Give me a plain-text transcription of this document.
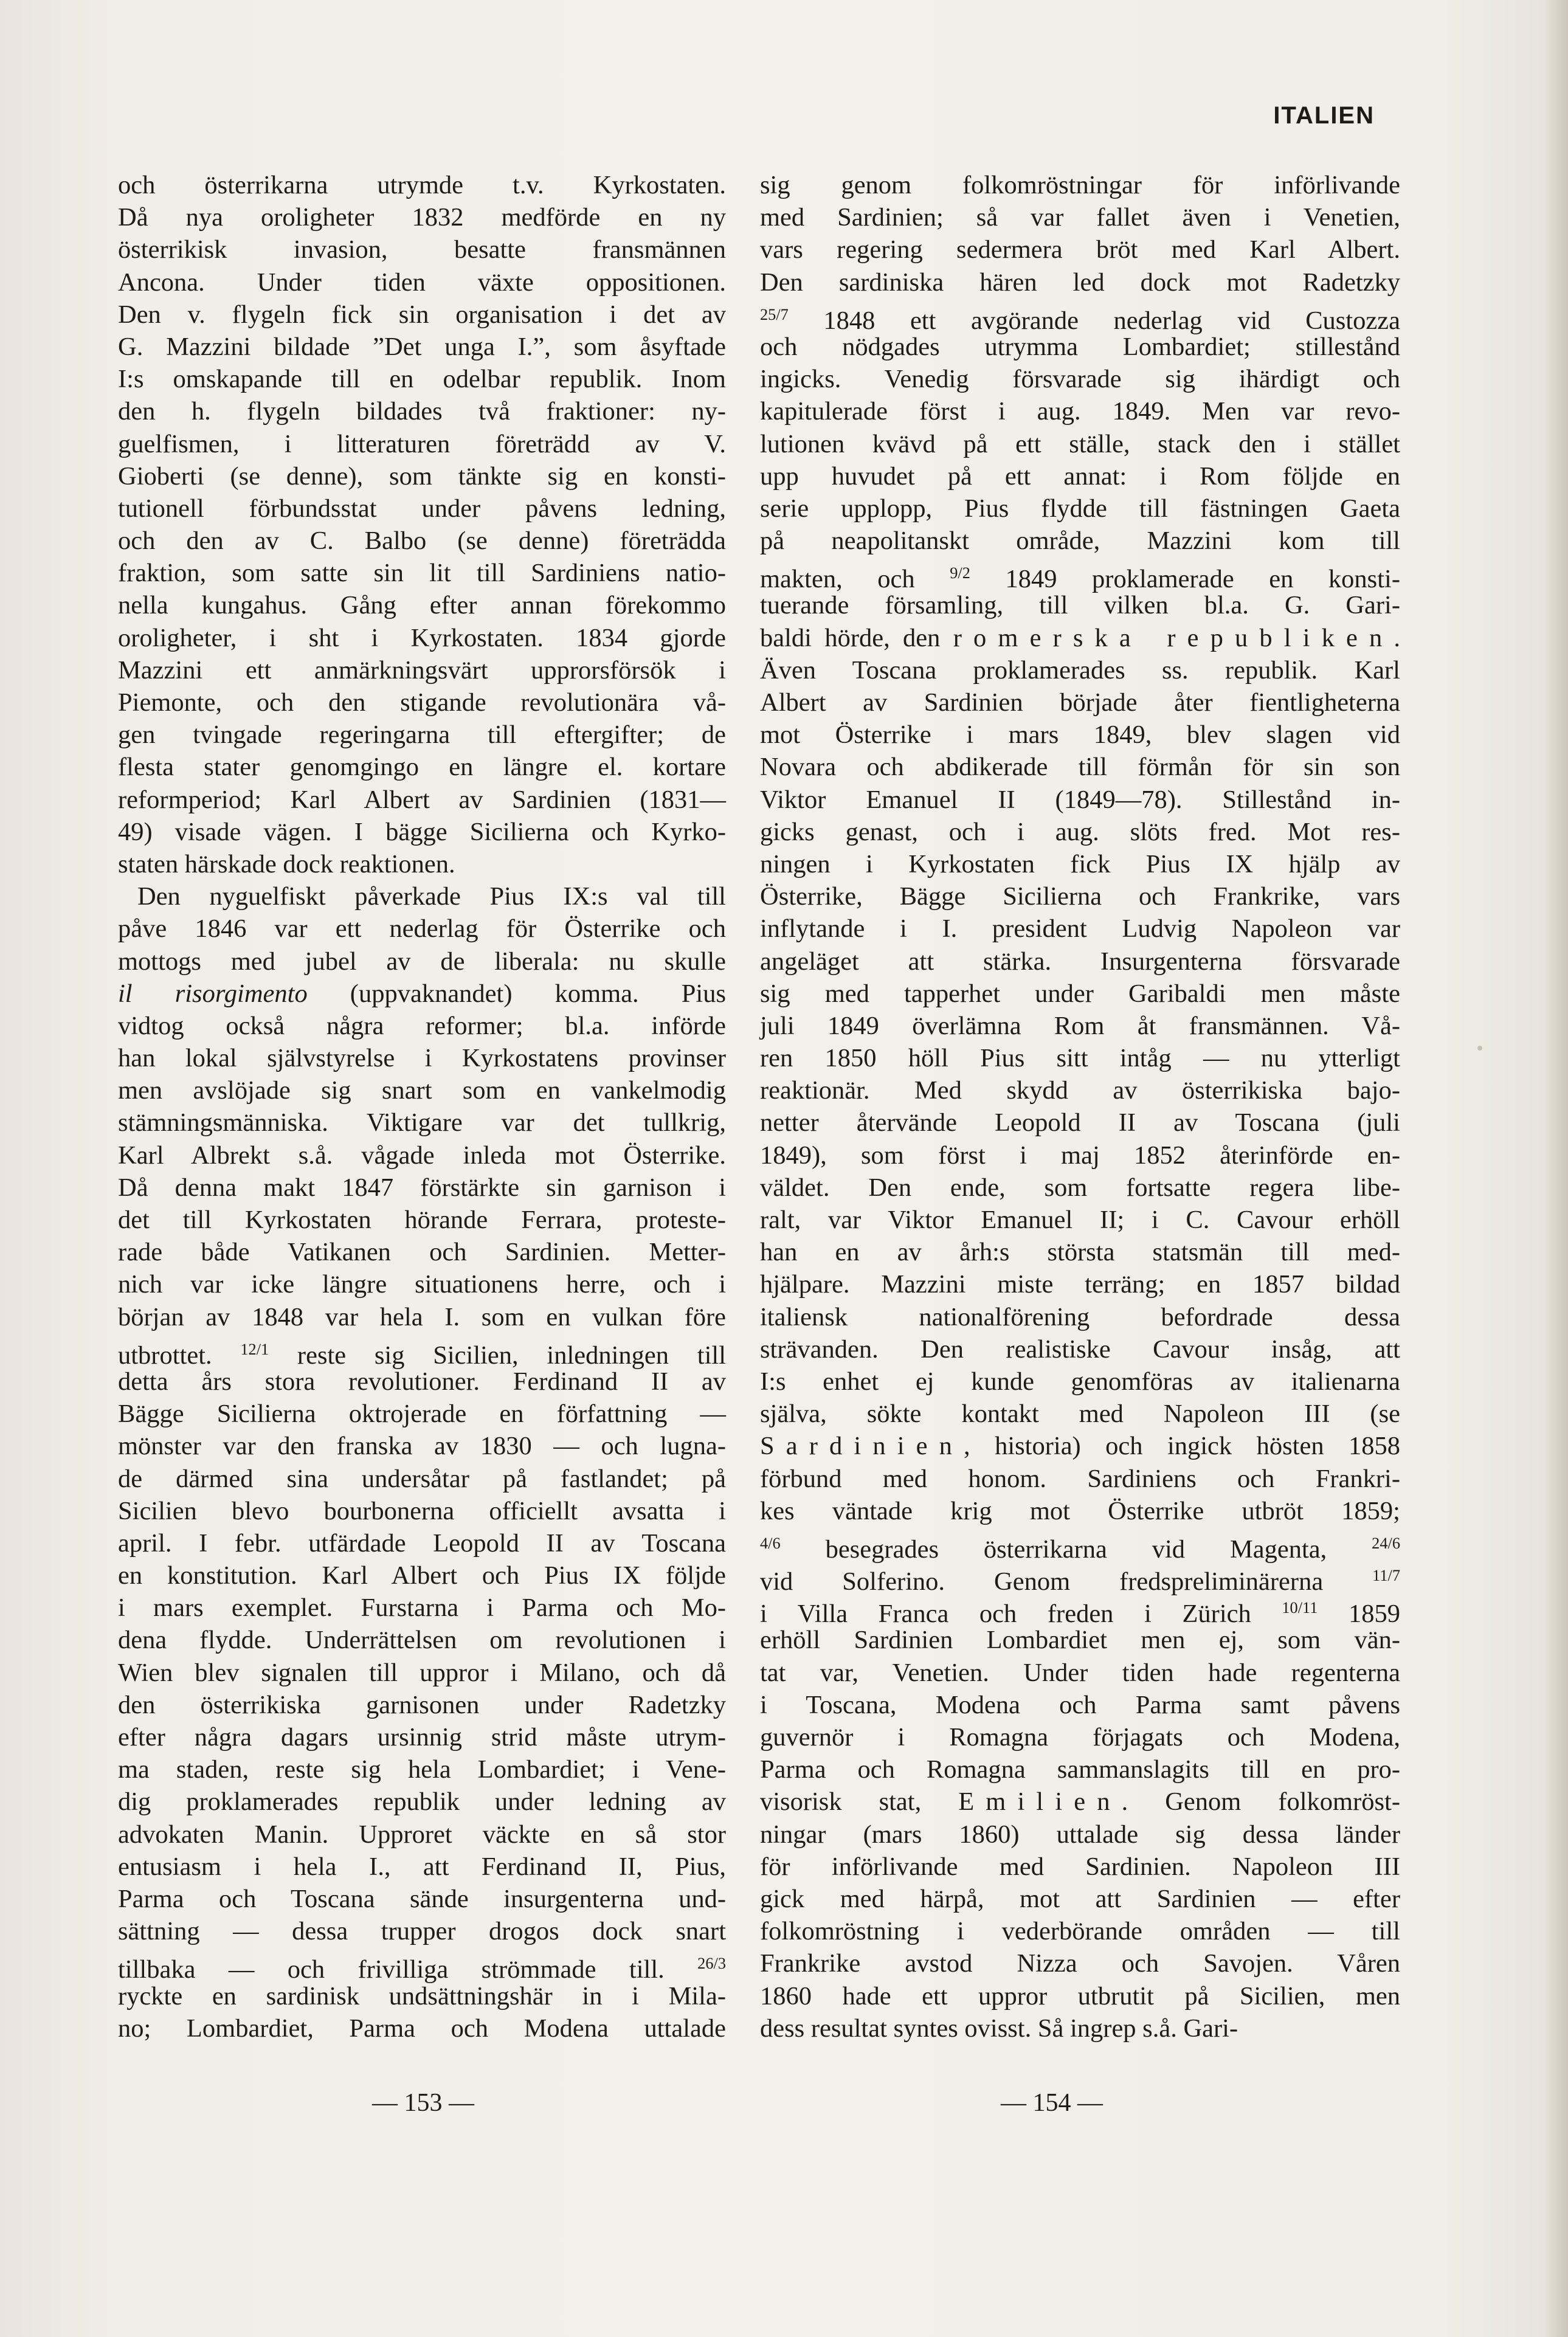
ITALIEN
och österrikarna utrymde t.v. Kyrkostaten.
Då nya oroligheter 1832 medförde en ny
österrikisk invasion, besatte fransmännen
Ancona. Under tiden växte oppositionen.
Den v. flygeln fick sin organisation i det av
G. Mazzini bildade ”Det unga I.”, som åsyftade
I:s omskapande till en odelbar republik. Inom
den h. flygeln bildades två fraktioner: ny-
guelfismen, i litteraturen företrädd av V.
Gioberti (se denne), som tänkte sig en konsti-
tutionell förbundsstat under påvens ledning,
och den av C. Balbo (se denne) företrädda
fraktion, som satte sin lit till Sardiniens natio-
nella kungahus. Gång efter annan förekommo
oroligheter, i sht i Kyrkostaten. 1834 gjorde
Mazzini ett anmärkningsvärt upprorsförsök i
Piemonte, och den stigande revolutionära vå-
gen tvingade regeringarna till eftergifter; de
flesta stater genomgingo en längre el. kortare
reformperiod; Karl Albert av Sardinien (1831—
49) visade vägen. I bägge Sicilierna och Kyrko-
staten härskade dock reaktionen.
Den nyguelfiskt påverkade Pius IX:s val till
påve 1846 var ett nederlag för Österrike och
mottogs med jubel av de liberala: nu skulle
il risorgimento (uppvaknandet) komma. Pius
vidtog också några reformer; bl.a. införde
han lokal självstyrelse i Kyrkostatens provinser
men avslöjade sig snart som en vankelmodig
stämningsmänniska. Viktigare var det tullkrig,
Karl Albrekt s.å. vågade inleda mot Österrike.
Då denna makt 1847 förstärkte sin garnison i
det till Kyrkostaten hörande Ferrara, proteste-
rade både Vatikanen och Sardinien. Metter-
nich var icke längre situationens herre, och i
början av 1848 var hela I. som en vulkan före
utbrottet. $^{12/1}$ reste sig Sicilien, inledningen till
detta års stora revolutioner. Ferdinand II av
Bägge Sicilierna oktrojerade en författning —
mönster var den franska av 1830 — och lugna-
de därmed sina undersåtar på fastlandet; på
Sicilien blevo bourbonerna officiellt avsatta i
april. I febr. utfärdade Leopold II av Toscana
en konstitution. Karl Albert och Pius IX följde
i mars exemplet. Furstarna i Parma och Mo-
dena flydde. Underrättelsen om revolutionen i
Wien blev signalen till uppror i Milano, och då
den österrikiska garnisonen under Radetzky
efter några dagars ursinnig strid måste utrym-
ma staden, reste sig hela Lombardiet; i Vene-
dig proklamerades republik under ledning av
advokaten Manin. Upproret väckte en så stor
entusiasm i hela I., att Ferdinand II, Pius,
Parma och Toscana sände insurgenterna und-
sättning — dessa trupper drogos dock snart
tillbaka — och frivilliga strömmade till. $^{26/3}$
ryckte en sardinisk undsättningshär in i Mila-
no; Lombardiet, Parma och Modena uttalade
sig genom folkomröstningar för införlivande
med Sardinien; så var fallet även i Venetien,
vars regering sedermera bröt med Karl Albert.
Den sardiniska hären led dock mot Radetzky
$^{25/7}$ 1848 ett avgörande nederlag vid Custozza
och nödgades utrymma Lombardiet; stillestånd
ingicks. Venedig försvarade sig ihärdigt och
kapitulerade först i aug. 1849. Men var revo-
lutionen kvävd på ett ställe, stack den i stället
upp huvudet på ett annat: i Rom följde en
serie upplopp, Pius flydde till fästningen Gaeta
på neapolitanskt område, Mazzini kom till
makten, och $^{9/2}$ 1849 proklamerade en konsti-
tuerande församling, till vilken bl.a. G. Gari-
baldi hörde, den romerska republiken.
Även Toscana proklamerades ss. republik. Karl
Albert av Sardinien började åter fientligheterna
mot Österrike i mars 1849, blev slagen vid
Novara och abdikerade till förmån för sin son
Viktor Emanuel II (1849—78). Stillestånd in-
gicks genast, och i aug. slöts fred. Mot res-
ningen i Kyrkostaten fick Pius IX hjälp av
Österrike, Bägge Sicilierna och Frankrike, vars
inflytande i I. president Ludvig Napoleon var
angeläget att stärka. Insurgenterna försvarade
sig med tapperhet under Garibaldi men måste
juli 1849 överlämna Rom åt fransmännen. Vå-
ren 1850 höll Pius sitt intåg — nu ytterligt
reaktionär. Med skydd av österrikiska bajo-
netter återvände Leopold II av Toscana (juli
1849), som först i maj 1852 återinförde en-
väldet. Den ende, som fortsatte regera libe-
ralt, var Viktor Emanuel II; i C. Cavour erhöll
han en av årh:s största statsmän till med-
hjälpare. Mazzini miste terräng; en 1857 bildad
italiensk nationalförening befordrade dessa
strävanden. Den realistiske Cavour insåg, att
I:s enhet ej kunde genomföras av italienarna
själva, sökte kontakt med Napoleon III (se
Sardinien, historia) och ingick hösten 1858
förbund med honom. Sardiniens och Frankri-
kes väntade krig mot Österrike utbröt 1859;
$^{4/6}$ besegrades österrikarna vid Magenta, $^{24/6}$
vid Solferino. Genom fredspreliminärerna $^{11/7}$
i Villa Franca och freden i Zürich $^{10/11}$ 1859
erhöll Sardinien Lombardiet men ej, som vän-
tat var, Venetien. Under tiden hade regenterna
i Toscana, Modena och Parma samt påvens
guvernör i Romagna förjagats och Modena,
Parma och Romagna sammanslagits till en pro-
visorisk stat, Emilien. Genom folkomröst-
ningar (mars 1860) uttalade sig dessa länder
för införlivande med Sardinien. Napoleon III
gick med härpå, mot att Sardinien — efter
folkomröstning i vederbörande områden — till
Frankrike avstod Nizza och Savojen. Våren
1860 hade ett uppror utbrutit på Sicilien, men
dess resultat syntes ovisst. Så ingrep s.å. Gari-
— 153 —	— 154 —
